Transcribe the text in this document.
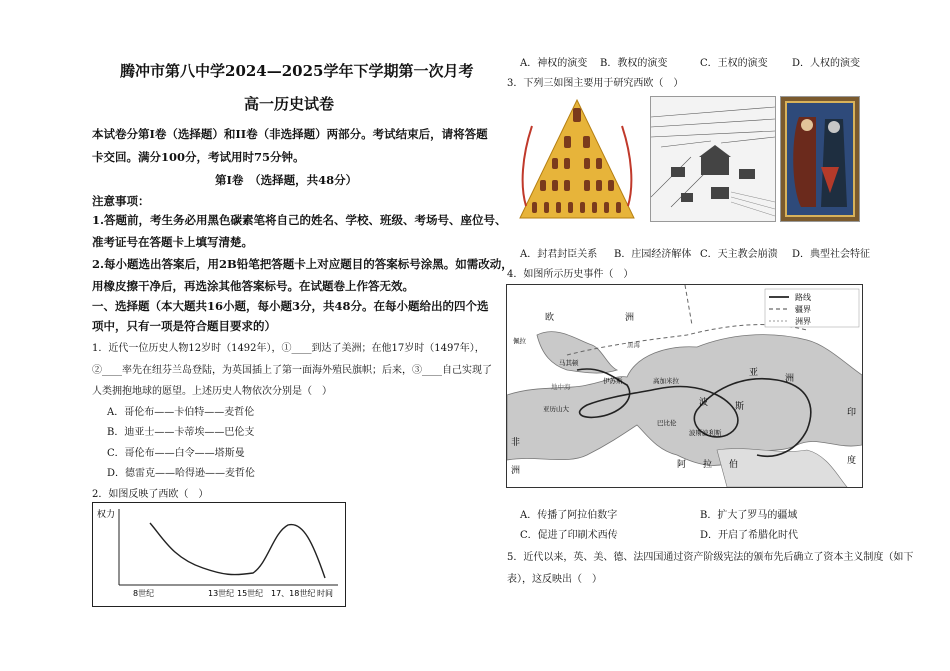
腾冲市第八中学2024—2025学年下学期第一次月考
高一历史试卷
本试卷分第Ⅰ卷（选择题）和II卷（非选择题）两部分。考试结束后，请将答题
卡交回。满分100分，考试用时75分钟。
第Ⅰ卷　（选择题，共48分）
注意事项：
1.答题前，考生务必用黑色碳素笔将自己的姓名、学校、班级、考场号、座位号、
准考证号在答题卡上填写清楚。
2.每小题选出答案后，用2B铅笔把答题卡上对应题目的答案标号涂黑。如需改动，
用橡皮擦干净后，再选涂其他答案标号。在试题卷上作答无效。
一、选择题（本大题共16小题，每小题3分，共48分。在每小题给出的四个选
项中，只有一项是符合题目要求的）
1．近代一位历史人物12岁时（1492年），①____到达了美洲；在他17岁时（1497年），
②____率先在纽芬兰岛登陆，为英国插上了第一面海外殖民旗帜；后来，③____自己实现了
人类拥抱地球的愿望。上述历史人物依次分别是（　）
A．哥伦布——卡伯特——麦哲伦
B．迪亚士——卡蒂埃——巴伦支
C．哥伦布——白令——塔斯曼
D．德雷克——哈得逊——麦哲伦
2．如图反映了西欧（　）
权力
8世纪	13世纪 15世纪 17、18世纪 时间
A．神权的演变 B．教权的演变	C．王权的演变 D．人权的演变
3．下列三如图主要用于研究西欧（　）
A．封君封臣关系 B．庄园经济解体 C．天主教会崩溃 D．典型社会特征
4．如图所示历史事件（　）
路线
疆界
洲界
欧	洲
亚
洲
非
洲
阿 拉 伯
印
度
波	斯
亚历山大
巴比伦
马其顿
佩拉
伊苏斯	高加米拉
波斯波利斯
地中海
黑海
A．传播了阿拉伯数字	B．扩大了罗马的疆域
C．促进了印刷术西传	D．开启了希腊化时代
5．近代以来，英、美、德、法四国通过资产阶级宪法的颁布先后确立了资本主义制度（如下
表），这反映出（　）
